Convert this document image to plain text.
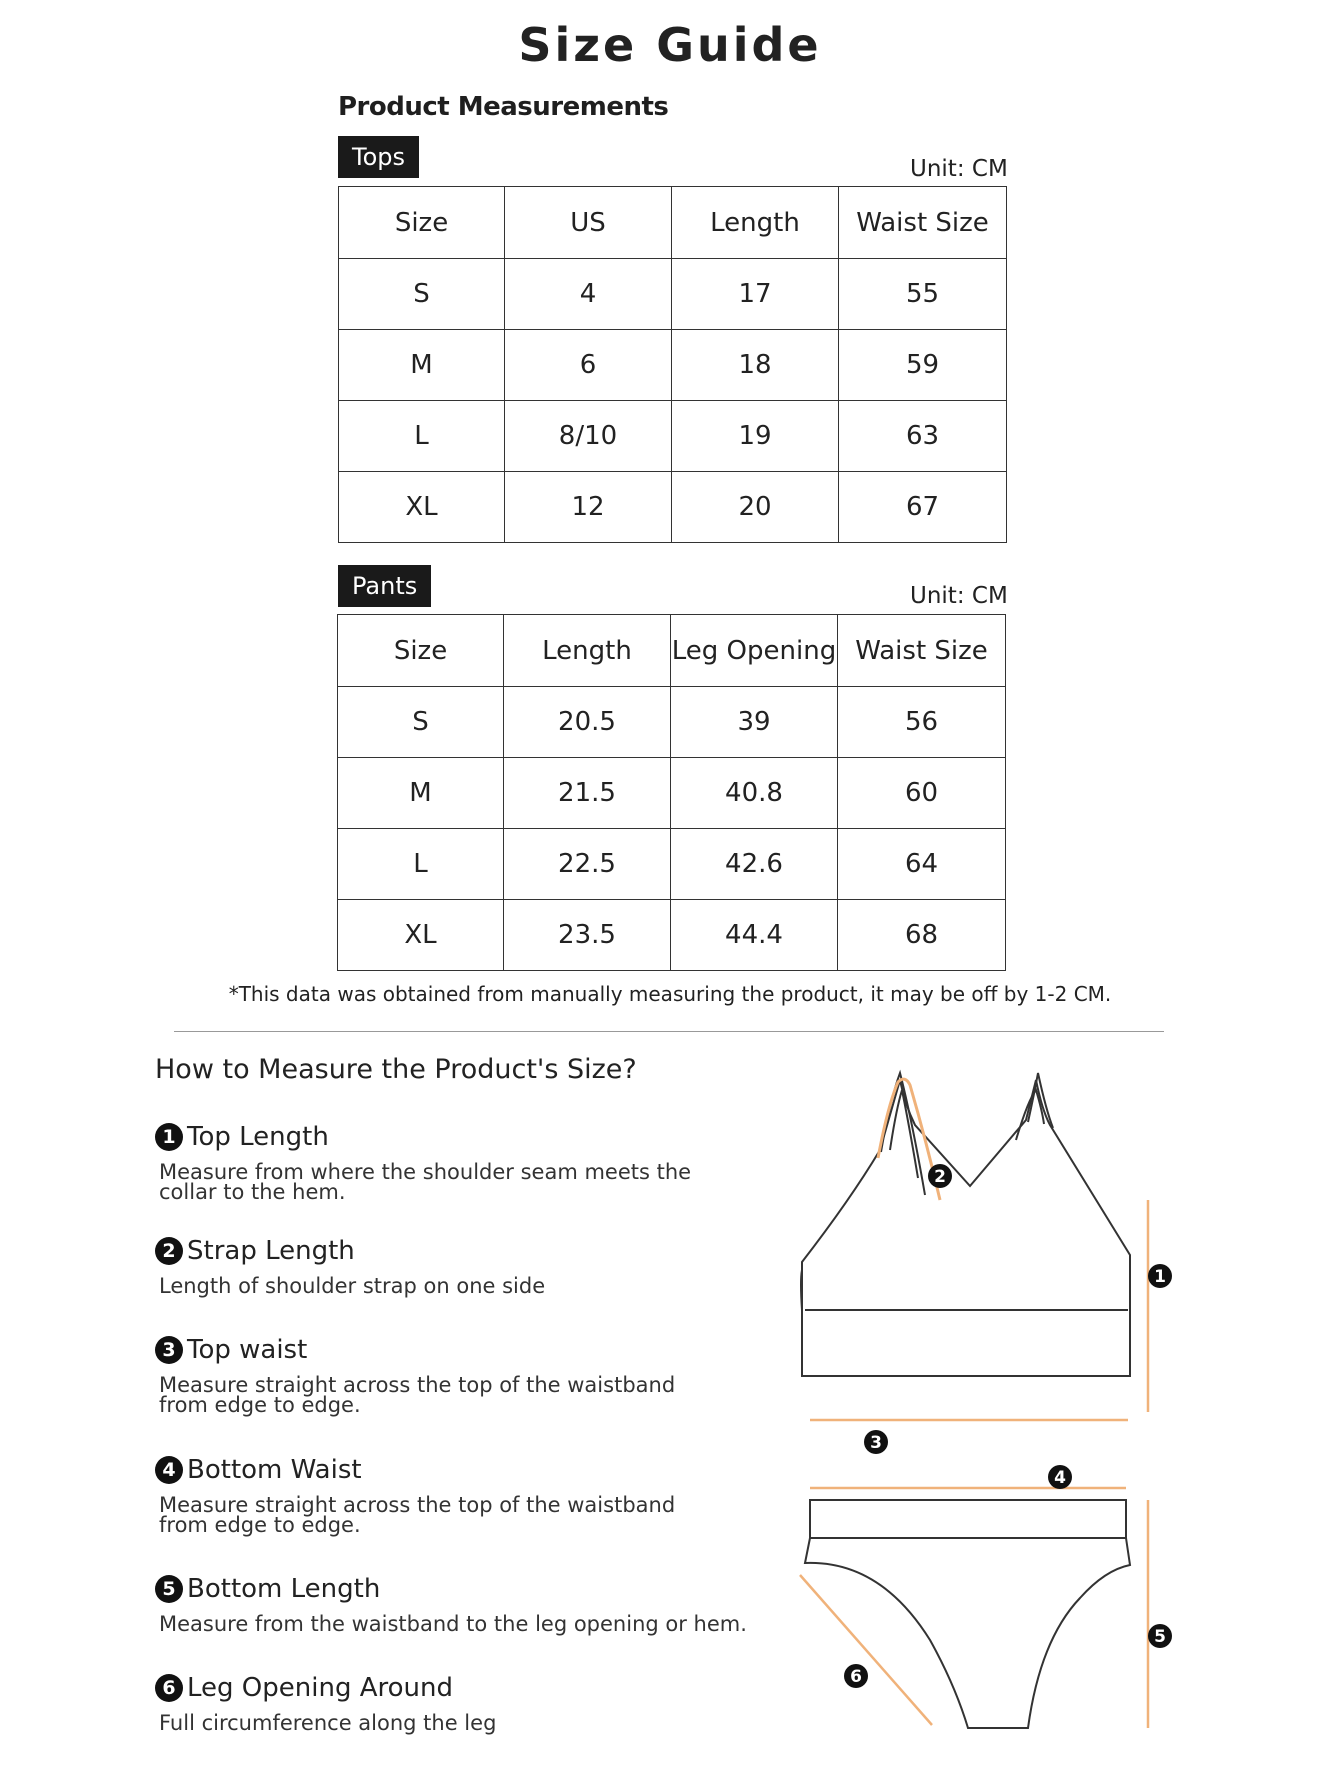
Size Guide
Product Measurements
Tops	Unit: CM
Size	US	Length	Waist Size
S	4	17	55
M	6	18	59
L	8/10	19	63
XL	12	20	67
Pants	Unit: CM
Size	Length	Leg Opening	Waist Size
S	20.5	39	56
M	21.5	40.8	60
L	22.5	42.6	64
XL	23.5	44.4	68
*This data was obtained from manually measuring the product, it may be off by 1-2 CM.
How to Measure the Product's Size?
1 Top Length
Measure from where the shoulder seam meets the collar to the hem.
2 Strap Length
Length of shoulder strap on one side
3 Top waist
Measure straight across the top of the waistband from edge to edge.
4 Bottom Waist
Measure straight across the top of the waistband from edge to edge.
5 Bottom Length
Measure from the waistband to the leg opening or hem.
6 Leg Opening Around
Full circumference along the leg
1
2
3
4
5
6
